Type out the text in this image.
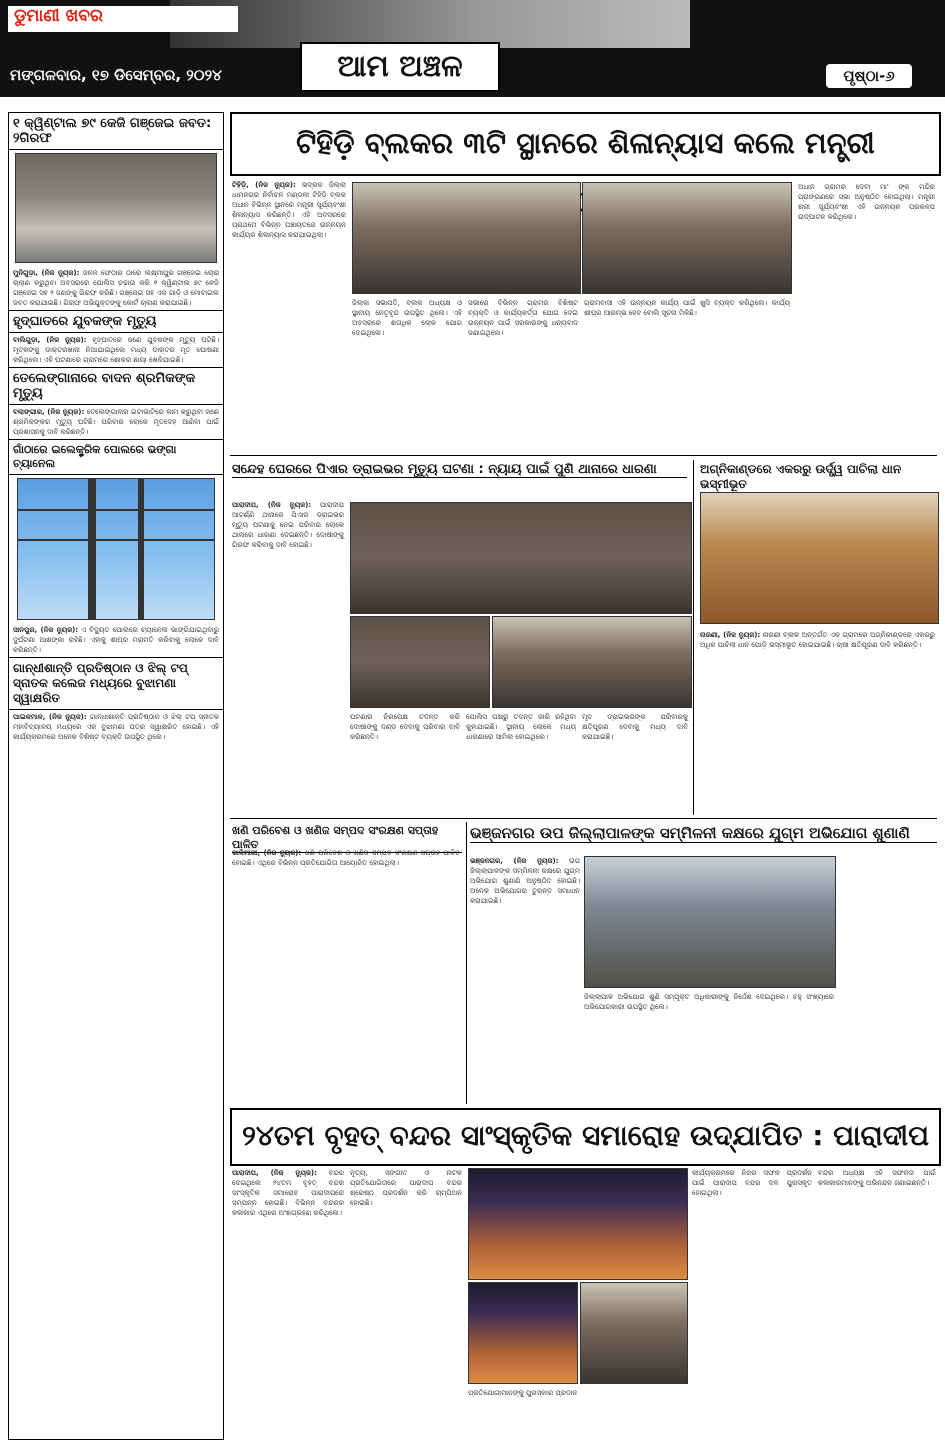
ଡୁମାଣୀ ଖବର
ମଙ୍ଗଳବାର, ୧୭ ଡିସେମ୍ବର, ୨୦୨୪	ଆମ ଅଞ୍ଚଳ	ପୃଷ୍ଠା-୬
୧ କ୍ୱିଣ୍ଟାଲ ୭୯ କେଜି ଗଞ୍ଜେଇ ଜବତ: ୨ଗିରଫ
ମୁନିଗୁଡ଼ା, (ନିଜ ନ୍ୟୁଜ): ଜନଳ ଫେଠାର ଠାରେ ଲକ୍ଷ୍ମୀପୁର ଗଞ୍ଜେଇ ଚୋରା ଚାଲାଣ କରୁଥିବା ଅବସରରେ ପୋଲିସ ଚଢ଼ାଉ କରି ୧ କ୍ୱିଣ୍ଟାଲ ୭୯ କେଜି ଗଞ୍ଜେଇ ସହ ୨ ଜଣଙ୍କୁ ଗିରଫ କରିଛି। ଗଞ୍ଜେଇ ସହ ଏକ ଗାଡ଼ି ଓ ମୋବାଇଲ ଜବତ କରାଯାଇଛି। ଗିରଫ ଅଭିଯୁକ୍ତଙ୍କୁ କୋର୍ଟ ଚାଲାଣ କରାଯାଇଛି।
ହୃଦ୍‌ଘାତରେ ଯୁବକଙ୍କ ମୃତ୍ୟୁ
ବାଲିଗୁଡ଼ା, (ନିଜ ନ୍ୟୁଜ): ହୃଦ୍‌ଘାତରେ ଜଣେ ଯୁବକଙ୍କ ମୃତ୍ୟୁ ଘଟିଛି। ମୃତକଙ୍କୁ ଡାକ୍ତରଖାନା ନିଆଯାଇଥିଲେ ମଧ୍ୟ ଡାକ୍ତର ମୃତ ଘୋଷଣା କରିଥିଲେ। ଏହି ଘଟଣାରେ ଗ୍ରାମରେ ଶୋକର ଛାୟା ଖେଳିଯାଇଛି।
ତେଲେଙ୍ଗାନାରେ ବାଦନ ଶ୍ରମିକଙ୍କ ମୃତ୍ୟୁ
ବଲାଙ୍ଗୀର, (ନିଜ ନ୍ୟୁଜ): ତେଲେଙ୍ଗାନାର ଇଟାଭାଟିରେ କାମ କରୁଥିବା ଜଣେ ଶ୍ରମିକଙ୍କର ମୃତ୍ୟୁ ଘଟିଛି। ପରିବାର ଲୋକେ ମୃତଦେହ ଆଣିବା ପାଇଁ ପ୍ରଶାସନକୁ ଦାବି କରିଛନ୍ତି।
ଗାଁଠାରେ ଇଲେକ୍ଟ୍ରିକ ପୋଲରେ ଭଙ୍ଗା ଚ୍ୟାନେଲ
ସାନପୁର, (ନିଜ ନ୍ୟୁଜ): ଏ ବିଦ୍ୟୁତ ପୋଲରେ ଚ୍ୟାନେଲ ଭାଙ୍ଗିଯାଇଥିବାରୁ ଦୁର୍ଘଟଣା ଆଶଙ୍କା ରହିଛି। ଏହାକୁ ଶୀଘ୍ର ମରାମତି କରିବାକୁ ଲୋକେ ଦାବି କରିଛନ୍ତି।
ଗାନ୍ଧୀଶାନ୍ତି ପ୍ରତିଷ୍ଠାନ ଓ ଝିଲ୍ ଟପ୍ ସ୍ନାତକ କଲେଜ ମଧ୍ୟରେ ବୁଝାମଣା ସ୍ୱାକ୍ଷରିତ
ପାଇକମାଳ, (ନିଜ ନ୍ୟୁଜ): ଗାନ୍ଧୀଶାନ୍ତି ପ୍ରତିଷ୍ଠାନ ଓ ଝିଲ୍ ଟପ୍ ସ୍ନାତକ ମହାବିଦ୍ୟାଳୟ ମଧ୍ୟରେ ଏକ ବୁଝାମଣା ପତ୍ର ସ୍ୱାକ୍ଷରିତ ହୋଇଛି। ଏହି କାର୍ଯ୍ୟକ୍ରମରେ ଅନେକ ବିଶିଷ୍ଟ ବ୍ୟକ୍ତି ଉପସ୍ଥିତ ଥିଲେ।
ଟିହିଡ଼ି ବ୍ଲକର ୩ଟି ସ୍ଥାନରେ ଶିଳାନ୍ୟାସ କଲେ ମନ୍ତ୍ରୀ
ଟିହିଡ଼ି, (ନିଜ ନ୍ୟୁଜ): ଭଦ୍ରକ ଜିଲ୍ଲା ଧାମନଗର ନିର୍ବାଚନ ମଣ୍ଡଳୀ ଟିହିଡ଼ି ବ୍ଲକ ଅଧୀନ ବିଭିନ୍ନ ସ୍ଥାନରେ ମନ୍ତ୍ରୀ ସୂର୍ଯ୍ୟବଂଶୀ ଶିଳାନ୍ୟାସ କରିଛନ୍ତି। ଏହି ଅବସରରେ ପ୍ରଥମେ ବିଭିନ୍ନ ପଞ୍ଚାୟତରେ ଉନ୍ନୟନ କାର୍ଯ୍ୟର ଶିଳାନ୍ୟାସ କରାଯାଇଥିଲା।
ଜିଲ୍ଲା ସଭାପତି, ବ୍ଲକ ଅଧ୍ୟକ୍ଷ ଓ ସ୍ଥାନୀୟ ନେତୃବୃନ୍ଦ ଉପସ୍ଥିତ ଥିଲେ। ଏହି ଅବସରରେ ଶତାଧିକ ଲୋକ ଯୋଗ ଦେଇଥିଲେ।
ସଭାରେ ବିଭିନ୍ନ ଗ୍ରାମର ବିଶିଷ୍ଟ ବ୍ୟକ୍ତି ଓ କାର୍ଯ୍ୟକର୍ତ୍ତା ଯୋଗ ଦେଇ ଉନ୍ନୟନ ପାଇଁ ସରକାରଙ୍କୁ ଧନ୍ୟବାଦ ଜଣାଇଥିଲେ।
ଗ୍ରାମବାସୀ ଏହି ଉନ୍ନୟନ କାର୍ଯ୍ୟ ପାଇଁ ଖୁସି ବ୍ୟକ୍ତ କରିଥିଲେ। କାର୍ଯ୍ୟ ଶୀଘ୍ର ଆରମ୍ଭ ହେବ ବୋଲି ସୂଚନା ମିଳିଛି।
ଅଧାନ ଗ୍ରାମର ଦେବୀ ମା' ଙ୍କ ମନ୍ଦିର ପ୍ରାଙ୍ଗଣରେ ସଭା ଅନୁଷ୍ଠିତ ହୋଇଥିଲା। ମନ୍ତ୍ରୀ ଶ୍ରୀ ସୂର୍ଯ୍ୟବଂଶୀ ଏହି ଉନ୍ନୟନ ପ୍ରକଳ୍ପ ଉଦ୍‌ଘାଟନ କରିଥିଲେ।
ସନ୍ଦେହ ଘେରରେ ପିଏାର ଡ୍ରାଇଭର ମୃତ୍ୟୁ ଘଟଣା : ନ୍ୟାୟ ପାଇଁ ପୁଣି ଥାନାରେ ଧାରଣା
ପାରାଦୀପ, (ନିଜ ନ୍ୟୁଜ): ପାରାଦୀପ ଆଟର୍ଣ୍ଣି ଥାନାରେ ପିଏାର ଡ୍ରାଇଭର ମୃତ୍ୟୁ ଘଟଣାକୁ ନେଇ ପରିବାର ଲୋକେ ଥାନାରେ ଧାରଣା ଦେଇଛନ୍ତି। ଦୋଷୀଙ୍କୁ ଗିରଫ କରିବାକୁ ଦାବି ହୋଇଛି।
ଘଟଣାର ନିରପେକ୍ଷ ତଦନ୍ତ କରି ଦୋଷୀଙ୍କୁ ଦଣ୍ଡ ଦେବାକୁ ପରିବାର ଦାବି କରିଛନ୍ତି।
ପୋଲିସ ପକ୍ଷରୁ ତଦନ୍ତ ଜାରି ରହିଥିବା କୁହାଯାଇଛି। ସ୍ଥାନୀୟ ଲୋକେ ମଧ୍ୟ ଧାରଣାରେ ସାମିଲ ହୋଇଥିଲେ।
ମୃତ ଡ୍ରାଇଭରଙ୍କ ପରିବାରକୁ କ୍ଷତିପୂରଣ ଦେବାକୁ ମଧ୍ୟ ଦାବି କରାଯାଇଛି।
ଅଗ୍ନିକାଣ୍ଡରେ ଏକରରୁ ଉର୍ଦ୍ଧ୍ୱ ପାଚିଲା ଧାନ ଭସ୍ମୀଭୂତ
ନାରଣୀ, (ନିଜ ନ୍ୟୁଜ): ନାରଣୀ ବ୍ଲକ ଅନ୍ତର୍ଗତ ଏକ ଗ୍ରାମରେ ଅଗ୍ନିକାଣ୍ଡରେ ଏକରରୁ ଅଧିକ ପାଚିଲା ଧାନ ପୋଡ଼ି ଭସ୍ମୀଭୂତ ହୋଇଯାଇଛି। ଚାଷୀ କ୍ଷତିପୂରଣ ଦାବି କରିଛନ୍ତି।
ଖଣି ପରିବେଶ ଓ ଖଣିଜ ସମ୍ପଦ ସଂରକ୍ଷଣ ସପ୍ତାହ ପାଳିତ
କାଳିମାରୀ, (ନିଜ ନ୍ୟୁଜ): ଖଣି ପରିବେଶ ଓ ଖଣିଜ ସମ୍ପଦ ସଂରକ୍ଷଣ ସପ୍ତାହ ପାଳିତ ହୋଇଛି। ଏଥିରେ ବିଭିନ୍ନ ପ୍ରତିଯୋଗିତା ଆୟୋଜିତ ହୋଇଥିଲା।
ଭଞ୍ଜନଗର ଉପ ଜିଲ୍ଲାପାଳଙ୍କ ସମ୍ମିଳନୀ କକ୍ଷରେ ଯୁଗ୍ମ ଅଭିଯୋଗ ଶୁଣାଣି
ଭଞ୍ଜନଗର, (ନିଜ ନ୍ୟୁଜ): ଉପ ଜିଲ୍ଲାପାଳଙ୍କ ସମ୍ମିଳନୀ କକ୍ଷରେ ଯୁଗ୍ମ ଅଭିଯୋଗ ଶୁଣାଣି ଅନୁଷ୍ଠିତ ହୋଇଛି। ଅନେକ ଅଭିଯୋଗର ତୁରନ୍ତ ସମାଧାନ କରାଯାଇଛି।
ଜିଲ୍ଲାପାଳ ଅଭିଯୋଗ ଶୁଣି ସମ୍ପୃକ୍ତ ଅଧିକାରୀଙ୍କୁ ନିର୍ଦ୍ଦେଶ ଦେଇଥିଲେ। ବହୁ ସଂଖ୍ୟାରେ ଅଭିଯୋଗକାରୀ ଉପସ୍ଥିତ ଥିଲେ।
୨୪ତମ ବୃହତ୍ ବନ୍ଦର ସାଂସ୍କୃତିକ ସମାରୋହ ଉଦ୍‌ଯାପିତ : ପାରାଦୀପ
ପାରାଦୀପ, (ନିଜ ନ୍ୟୁଜ): ବନ୍ଦର ଦେଇଥିଲେ ୨୪ତମ ବୃହତ୍ ବନ୍ଦର ସାଂସ୍କୃତିକ ସମାରୋହ ପାରାଦୀପରେ ସମ୍ପନ୍ନ ହୋଇଛି। ବିଭିନ୍ନ ବନ୍ଦରର କଳାକାର ଏଥିରେ ଅଂଶଗ୍ରହଣ କରିଥିଲେ।
ନୃତ୍ୟ, ସଙ୍ଗୀତ ଓ ନାଟକ ପ୍ରତିଯୋଗିତାରେ ପାରାଦୀପ ବନ୍ଦର ଶ୍ରେଷ୍ଠ ପ୍ରଦର୍ଶନ କରି ଚାମ୍ପିଅନ ହୋଇଛି।
ପ୍ରତିଯୋଗୀମାନଙ୍କୁ ପୁରସ୍କାର ପ୍ରଦାନ
କାର୍ଯ୍ୟକ୍ରମରେ ନିଜର ସଫଳ ପ୍ରଦର୍ଶନ ପାଇଁ ପାରାଦୀପ ବନ୍ଦର ଦଳ ପୁରସ୍କୃତ ହୋଇଥିଲା।
ବନ୍ଦର ଅଧ୍ୟକ୍ଷ ଏହି ସଫଳତା ପାଇଁ କଳାକାରମାନଙ୍କୁ ଅଭିନନ୍ଦନ ଜଣାଇଛନ୍ତି।
